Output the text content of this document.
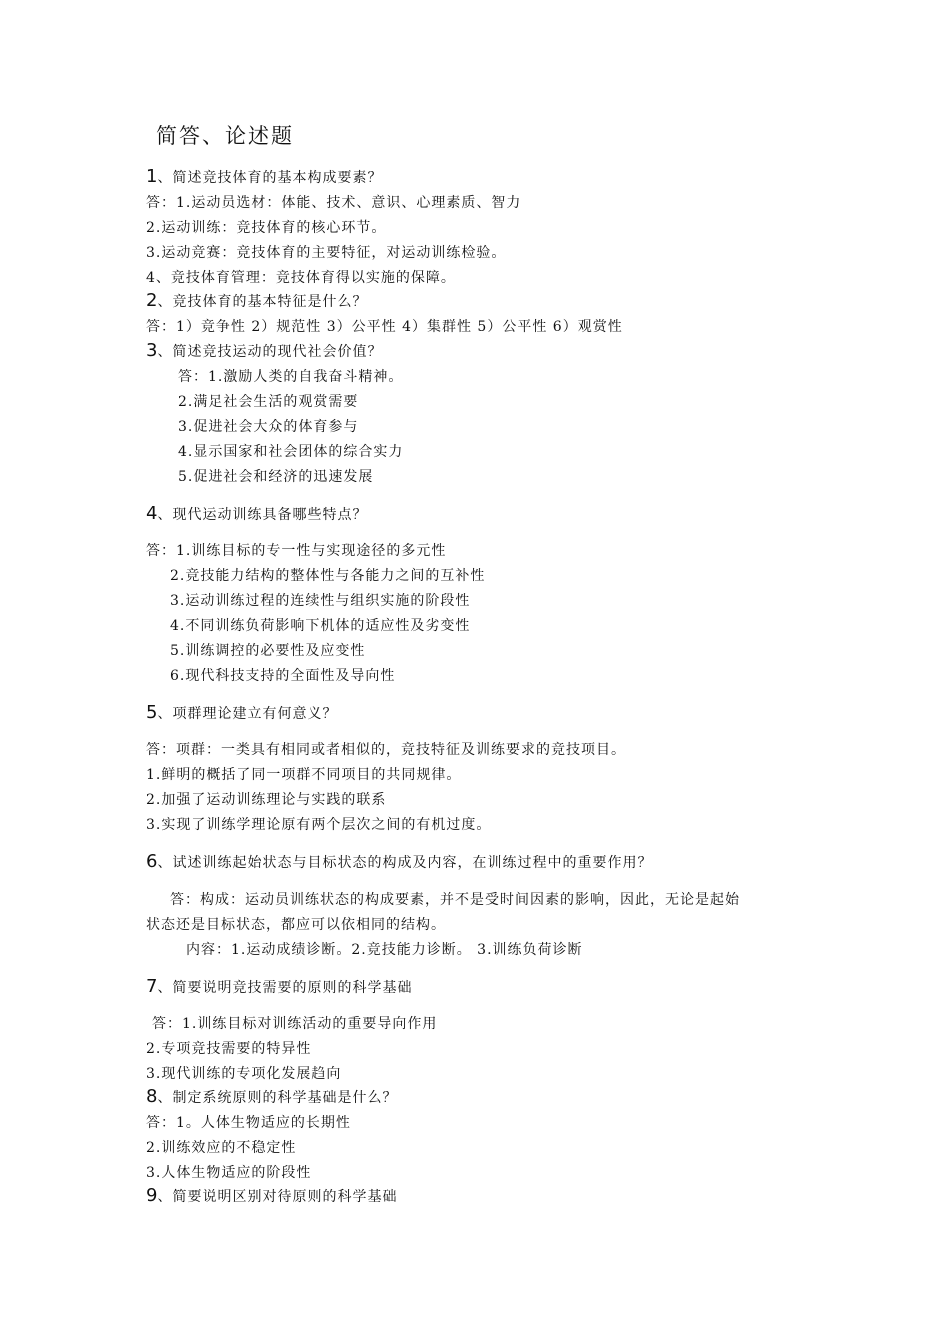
简答、论述题
1、简述竞技体育的基本构成要素？
答：1.运动员选材：体能、技术、意识、心理素质、智力
2.运动训练：竞技体育的核心环节。
3.运动竞赛：竞技体育的主要特征，对运动训练检验。
4、竞技体育管理：竞技体育得以实施的保障。
2、竞技体育的基本特征是什么？
答：1）竞争性 2）规范性 3）公平性 4）集群性 5）公平性 6）观赏性
3、简述竞技运动的现代社会价值？
答：1.激励人类的自我奋斗精神。
2.满足社会生活的观赏需要
3.促进社会大众的体育参与
4.显示国家和社会团体的综合实力
5.促进社会和经济的迅速发展
4、现代运动训练具备哪些特点？
答：1.训练目标的专一性与实现途径的多元性
2.竞技能力结构的整体性与各能力之间的互补性
3.运动训练过程的连续性与组织实施的阶段性
4.不同训练负荷影响下机体的适应性及劣变性
5.训练调控的必要性及应变性
6.现代科技支持的全面性及导向性
5、项群理论建立有何意义？
答：项群：一类具有相同或者相似的，竞技特征及训练要求的竞技项目。
1.鲜明的概括了同一项群不同项目的共同规律。
2.加强了运动训练理论与实践的联系
3.实现了训练学理论原有两个层次之间的有机过度。
6、试述训练起始状态与目标状态的构成及内容，在训练过程中的重要作用？
答：构成：运动员训练状态的构成要素，并不是受时间因素的影响，因此，无论是起始
状态还是目标状态，都应可以依相同的结构。
内容：1.运动成绩诊断。2.竞技能力诊断。 3.训练负荷诊断
7、简要说明竞技需要的原则的科学基础
答：1.训练目标对训练活动的重要导向作用
2.专项竞技需要的特异性
3.现代训练的专项化发展趋向
8、制定系统原则的科学基础是什么？
答：1。人体生物适应的长期性
2.训练效应的不稳定性
3.人体生物适应的阶段性
9、简要说明区别对待原则的科学基础
